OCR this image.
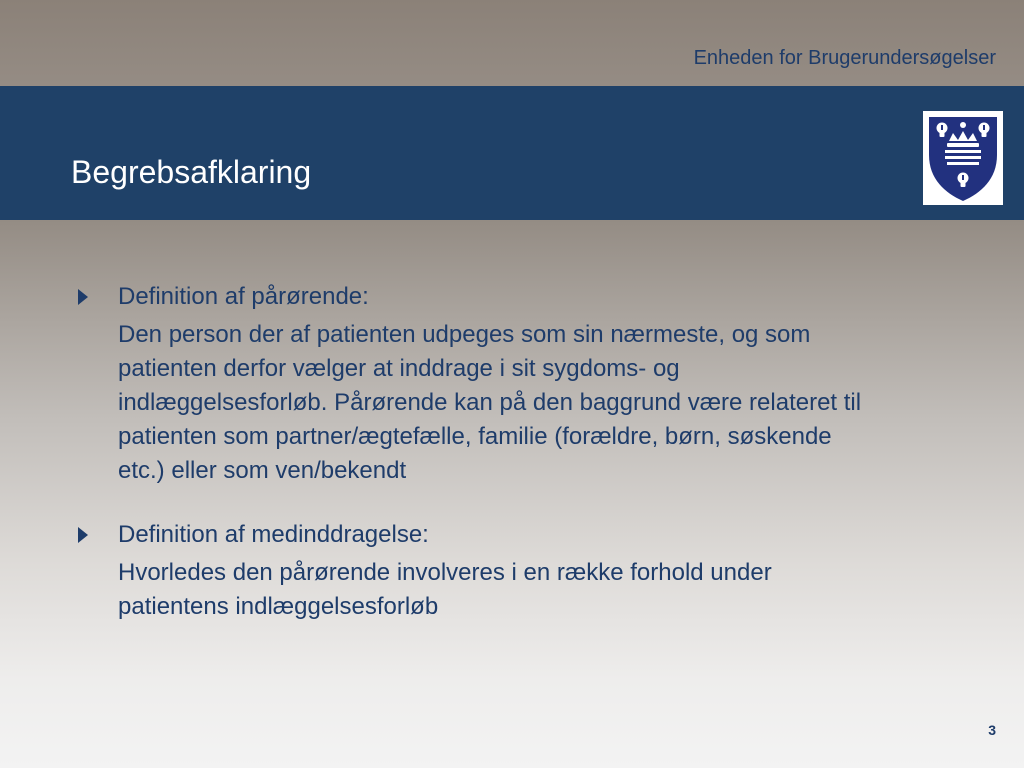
Enheden for Brugerundersøgelser
Begrebsafklaring

Definition af pårørende:

Den person der af patienten udpeges som sin nærmeste, og som patienten derfor vælger at inddrage i sit sygdoms- og indlæggelsesforløb. Pårørende kan på den baggrund være relateret til patienten som partner/ægtefælle, familie (forældre, børn, søskende etc.) eller som ven/bekendt

Definition af medinddragelse:

Hvorledes den pårørende involveres i en række forhold under patientens indlæggelsesforløb

3
